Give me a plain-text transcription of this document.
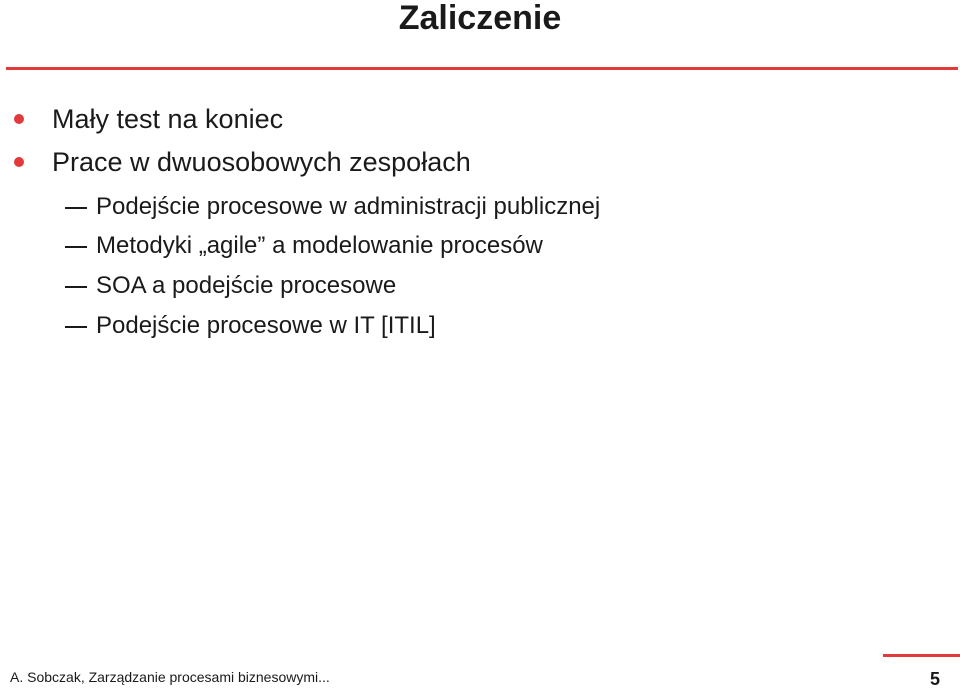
Zaliczenie
Mały test na koniec
Prace w dwuosobowych zespołach
Podejście procesowe w administracji publicznej
Metodyki „agile” a modelowanie procesów
SOA a podejście procesowe
Podejście procesowe w IT [ITIL]
A. Sobczak, Zarządzanie procesami biznesowymi...	5
